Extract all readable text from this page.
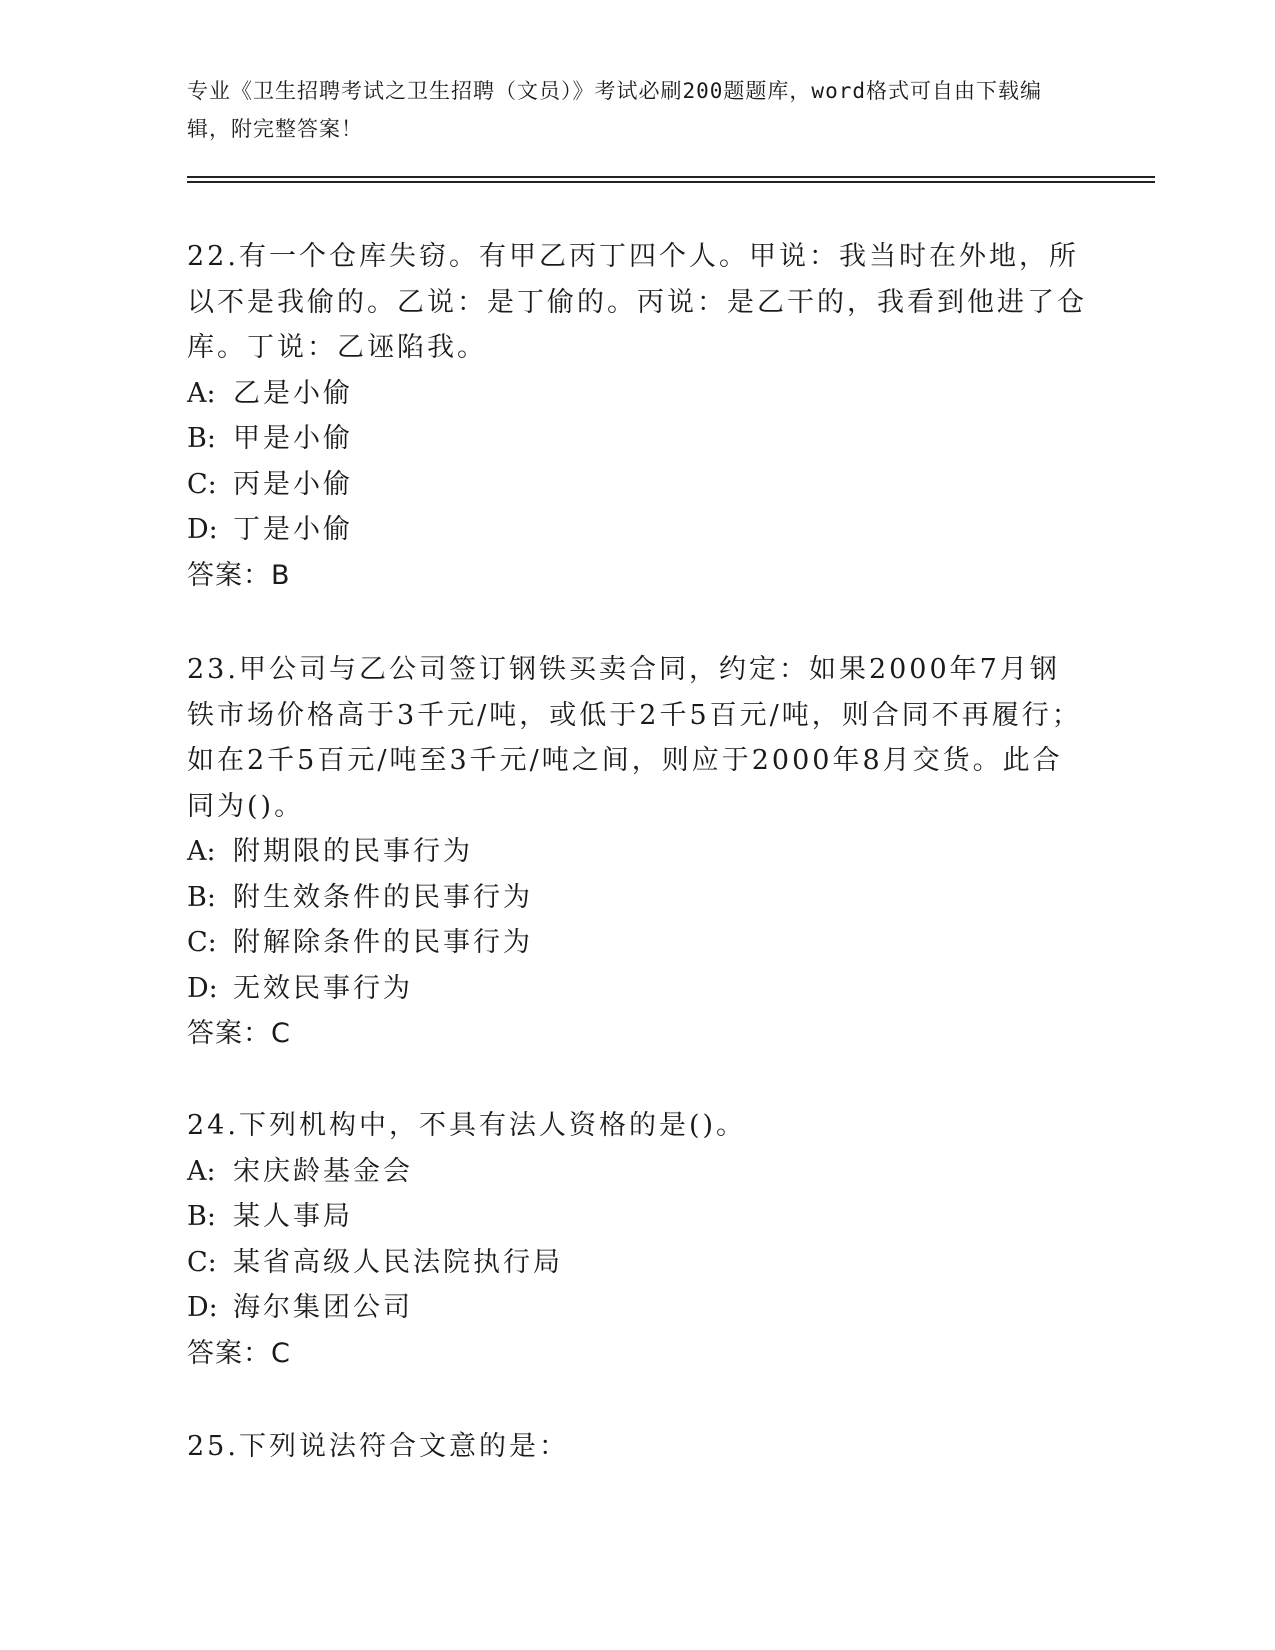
专业《卫生招聘考试之卫生招聘（文员）》考试必刷200题题库，word格式可自由下载编辑，附完整答案！

22.有一个仓库失窃。有甲乙丙丁四个人。甲说：我当时在外地，所以不是我偷的。乙说：是丁偷的。丙说：是乙干的，我看到他进了仓库。丁说：乙诬陷我。

A: 乙是小偷

B: 甲是小偷

C: 丙是小偷

D: 丁是小偷

答案：B

23.甲公司与乙公司签订钢铁买卖合同，约定：如果2000年7月钢铁市场价格高于3千元/吨，或低于2千5百元/吨，则合同不再履行；如在2千5百元/吨至3千元/吨之间，则应于2000年8月交货。此合同为()。

A: 附期限的民事行为

B: 附生效条件的民事行为

C: 附解除条件的民事行为

D: 无效民事行为

答案：C

24.下列机构中，不具有法人资格的是()。

A: 宋庆龄基金会

B: 某人事局

C: 某省高级人民法院执行局

D: 海尔集团公司

答案：C

25.下列说法符合文意的是：
